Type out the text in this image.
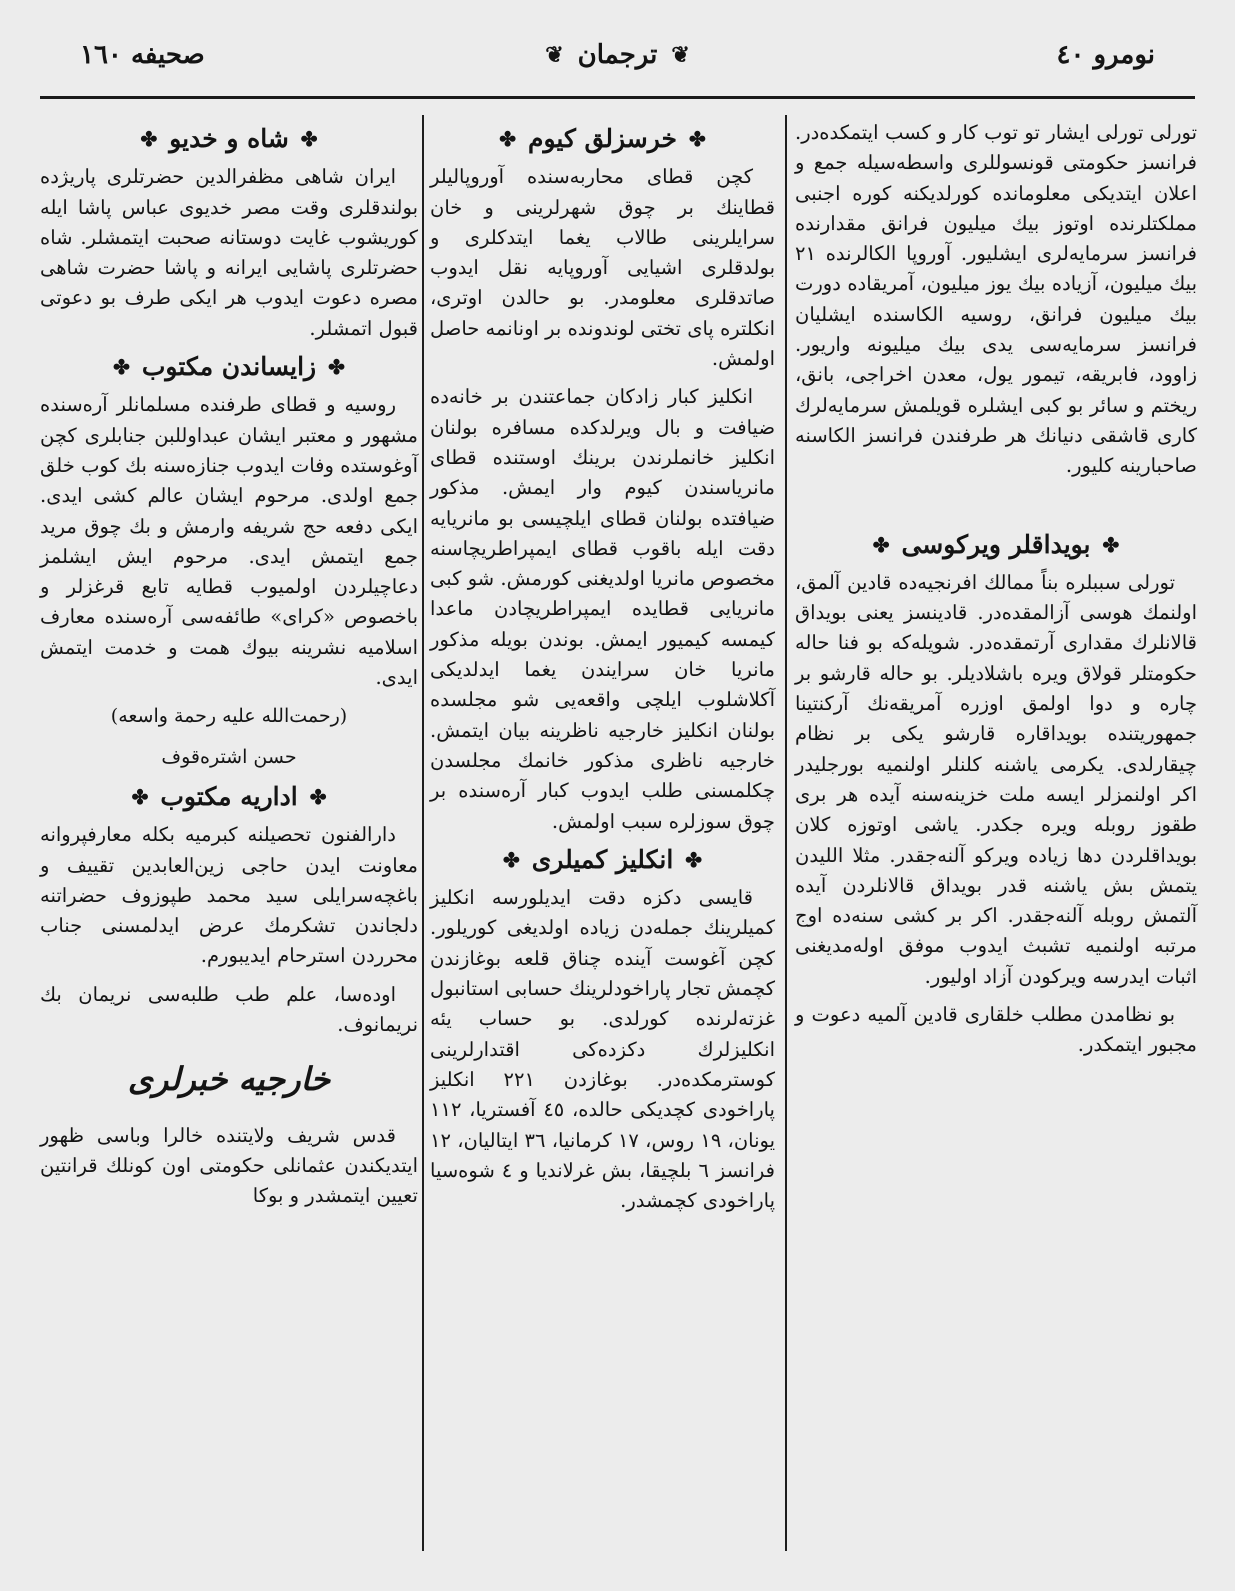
صحیفه ۱٦٠	❦
ترجمان
❦	نومرو ٤٠

تورلی تورلی ایشار تو توب کار و کسب ایتمکده‌در. فرانسز حکومتی قونسوللری واسطه‌سیله جمع و اعلان ایتدیکی معلومانده کورلدیکنه کوره اجنبی مملکتلرنده اوتوز بیك میلیون فرانق مقدارنده فرانسز سرمایه‌لری ایشلیور. آوروپا الکالرنده ۲۱ بیك میلیون، آزیاده بیك یوز میلیون، آمریقاده دورت بیك میلیون فرانق، روسیه الکاسنده ایشلیان فرانسز سرمایه‌سی یدی بیك میلیونه واریور. زاوود، فابریقه، تیمور یول، معدن اخراجی، بانق، ریختم و سائر بو کبی ایشلره قویلمش سرمایه‌لرك کاری قاشقی دنیانك هر طرفندن فرانسز الکاسنه صاحبارینه کلیور.

✤
بویداقلر ویرکوسی
✤

تورلی سببلره بناً ممالك افرنجیه‌ده قادین آلمق، اولنمك هوسی آزالمقده‌در. قادینسز یعنی بویداق قالانلرك مقداری آرتمقده‌در. شویله‌که بو فنا حاله حکومتلر قولاق ویره باشلادیلر. بو حاله قارشو بر چاره و دوا اولمق اوزره آمریقه‌نك آرکنتینا جمهوریتنده بویداقاره قارشو یکی بر نظام چیقارلدی. یکرمی یاشنه کلنلر اولنمیه بورجلیدر اکر اولنمزلر ایسه ملت خزینه‌سنه آیده هر بری طقوز روبله ویره جکدر. یاشی اوتوزه کلان بویداقلردن دها زیاده ویرکو آلنه‌جقدر. مثلا اللیدن یتمش بش یاشنه قدر بویداق قالانلردن آیده آلتمش روبله آلنه‌جقدر. اکر بر کشی سنه‌ده اوج مرتبه اولنمیه تشبث ایدوب موفق اوله‌مدیغنی اثبات ایدرسه ویرکودن آزاد اولیور.

بو نظامدن مطلب خلقاری قادین آلمیه دعوت و مجبور ایتمکدر.

✤
خرسزلق کیوم
✤

کچن قطای محاربه‌سنده آوروپالیلر قطاینك بر چوق شهرلرینی و خان سرایلرینی طالاب یغما ایتدکلری و بولدقلری اشیایی آوروپایه نقل ایدوب صاتدقلری معلومدر. بو حالدن اوتری، انکلتره پای تختی لوندونده بر اونانمه حاصل اولمش.

انکلیز کبار زادکان جماعتندن بر خانه‌ده ضیافت و بال ویرلدکده مسافره بولنان انکلیز خانملرندن برینك اوستنده قطای مانریاسندن کیوم وار ایمش. مذکور ضیافتده بولنان قطای ایلچیسی بو مانریایه دقت ایله باقوب قطای ایمپراطریچاسنه مخصوص مانریا اولدیغنی کورمش. شو کبی مانریایی قطایده ایمپراطریچادن ماعدا کیمسه کیمیور ایمش. بوندن بویله مذکور مانریا خان سرایندن یغما ایدلدیکی آکلاشلوب ایلچی واقعه‌یی شو مجلسده بولنان انکلیز خارجیه ناظرینه بیان ایتمش. خارجیه ناظری مذکور خانمك مجلسدن چکلمسنی طلب ایدوب کبار آره‌سنده بر چوق سوزلره سبب اولمش.

✤
انکلیز کمیلری
✤

قایسی دکزه دقت ایدیلورسه انکلیز کمیلرینك جمله‌دن زیاده اولدیغی کوریلور. کچن آغوست آینده چناق قلعه بوغازندن کچمش تجار پاراخودلرینك حسابی استانبول غزته‌لرنده کورلدی. بو حساب یئه انکلیزلرك دکزده‌کی اقتدارلرینی کوسترمکده‌در. بوغازدن ۲۲۱ انکلیز پاراخودی کچدیکی حالده، ٤٥ آفستریا، ۱۱۲ یونان، ۱۹ روس، ۱۷ کرمانیا، ۳٦ ایتالیان، ۱۲ فرانسز ٦ بلچیقا، بش غرلاندیا و ٤ شوه‌سیا پاراخودی کچمشدر.

✤
شاه و خدیو
✤

ایران شاهی مظفرالدین حضرتلری پاریژده بولندقلری وقت مصر خدیوی عباس پاشا ایله کوریشوب غایت دوستانه صحبت ایتمشلر. شاه حضرتلری پاشایی ایرانه و پاشا حضرت شاهی مصره دعوت ایدوب هر ایکی طرف بو دعوتی قبول اتمشلر.

✤
زایساندن مکتوب
✤

روسیه و قطای طرفنده مسلمانلر آره‌سنده مشهور و معتبر ایشان عبداوللبن جنابلری کچن آوغوستده وفات ایدوب جنازه‌سنه بك کوب خلق جمع اولدی. مرحوم ایشان عالم کشی ایدی. ایکی دفعه حج شریفه وارمش و بك چوق مرید جمع ایتمش ایدی. مرحوم ایش ایشلمز دعاچیلردن اولمیوب قطایه تابع قرغزلر و باخصوص «کرای» طائفه‌سی آره‌سنده معارف اسلامیه نشرینه بیوك همت و خدمت ایتمش ایدی.

(رحمت‌الله علیه رحمة واسعه)
حسن اشتره‌قوف
✤
اداریه مکتوب
✤

دارالفنون تحصیلنه کبرمیه بکله معارفپروانه معاونت ایدن حاجی زین‌العابدین تقییف و باغچه‌سرایلی سید محمد طپوزوف حضراتنه دلجاندن تشکرمك عرض ایدلمسنی جناب محرردن استرحام ایدیبورم.

اوده‌سا، علم طب طلبه‌سی نریمان بك نریمانوف.

خارجیه خبرلری

قدس شریف ولایتنده خالرا وباسی ظهور ایتدیکندن عثمانلی حکومتی اون کونلك قرانتین تعیین ایتمشدر و بوکا
